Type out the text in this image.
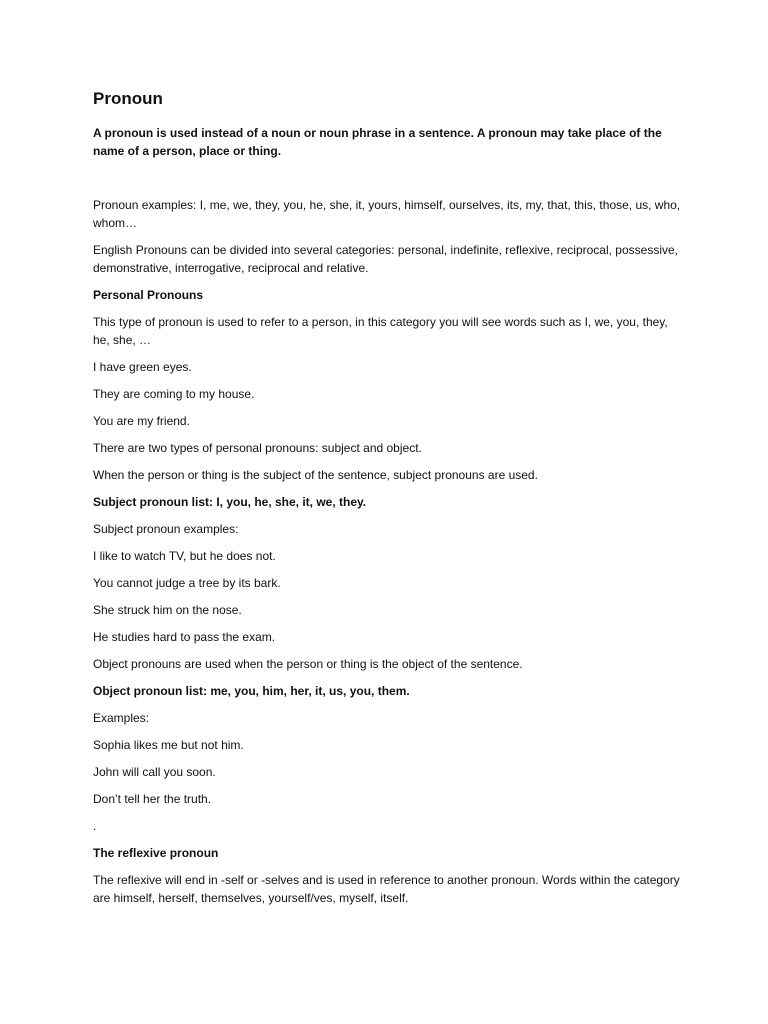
Pronoun

A pronoun is used instead of a noun or noun phrase in a sentence. A pronoun may take place of the name of a person, place or thing.

Pronoun examples: I, me, we, they, you, he, she, it, yours, himself, ourselves, its, my, that, this, those, us, who, whom…

English Pronouns can be divided into several categories: personal, indefinite, reflexive, reciprocal, possessive, demonstrative, interrogative, reciprocal and relative.

Personal Pronouns

This type of pronoun is used to refer to a person, in this category you will see words such as I, we, you, they, he, she, …

I have green eyes.

They are coming to my house.

You are my friend.

There are two types of personal pronouns: subject and object.

When the person or thing is the subject of the sentence, subject pronouns are used.

Subject pronoun list: I, you, he, she, it, we, they.

Subject pronoun examples:

I like to watch TV, but he does not.

You cannot judge a tree by its bark.

She struck him on the nose.

He studies hard to pass the exam.

Object pronouns are used when the person or thing is the object of the sentence.

Object pronoun list: me, you, him, her, it, us, you, them.

Examples:

Sophia likes me but not him.

John will call you soon.

Don’t tell her the truth.

.

The reflexive pronoun

The reflexive will end in -self or -selves and is used in reference to another pronoun. Words within the category are himself, herself, themselves, yourself/ves, myself, itself.
